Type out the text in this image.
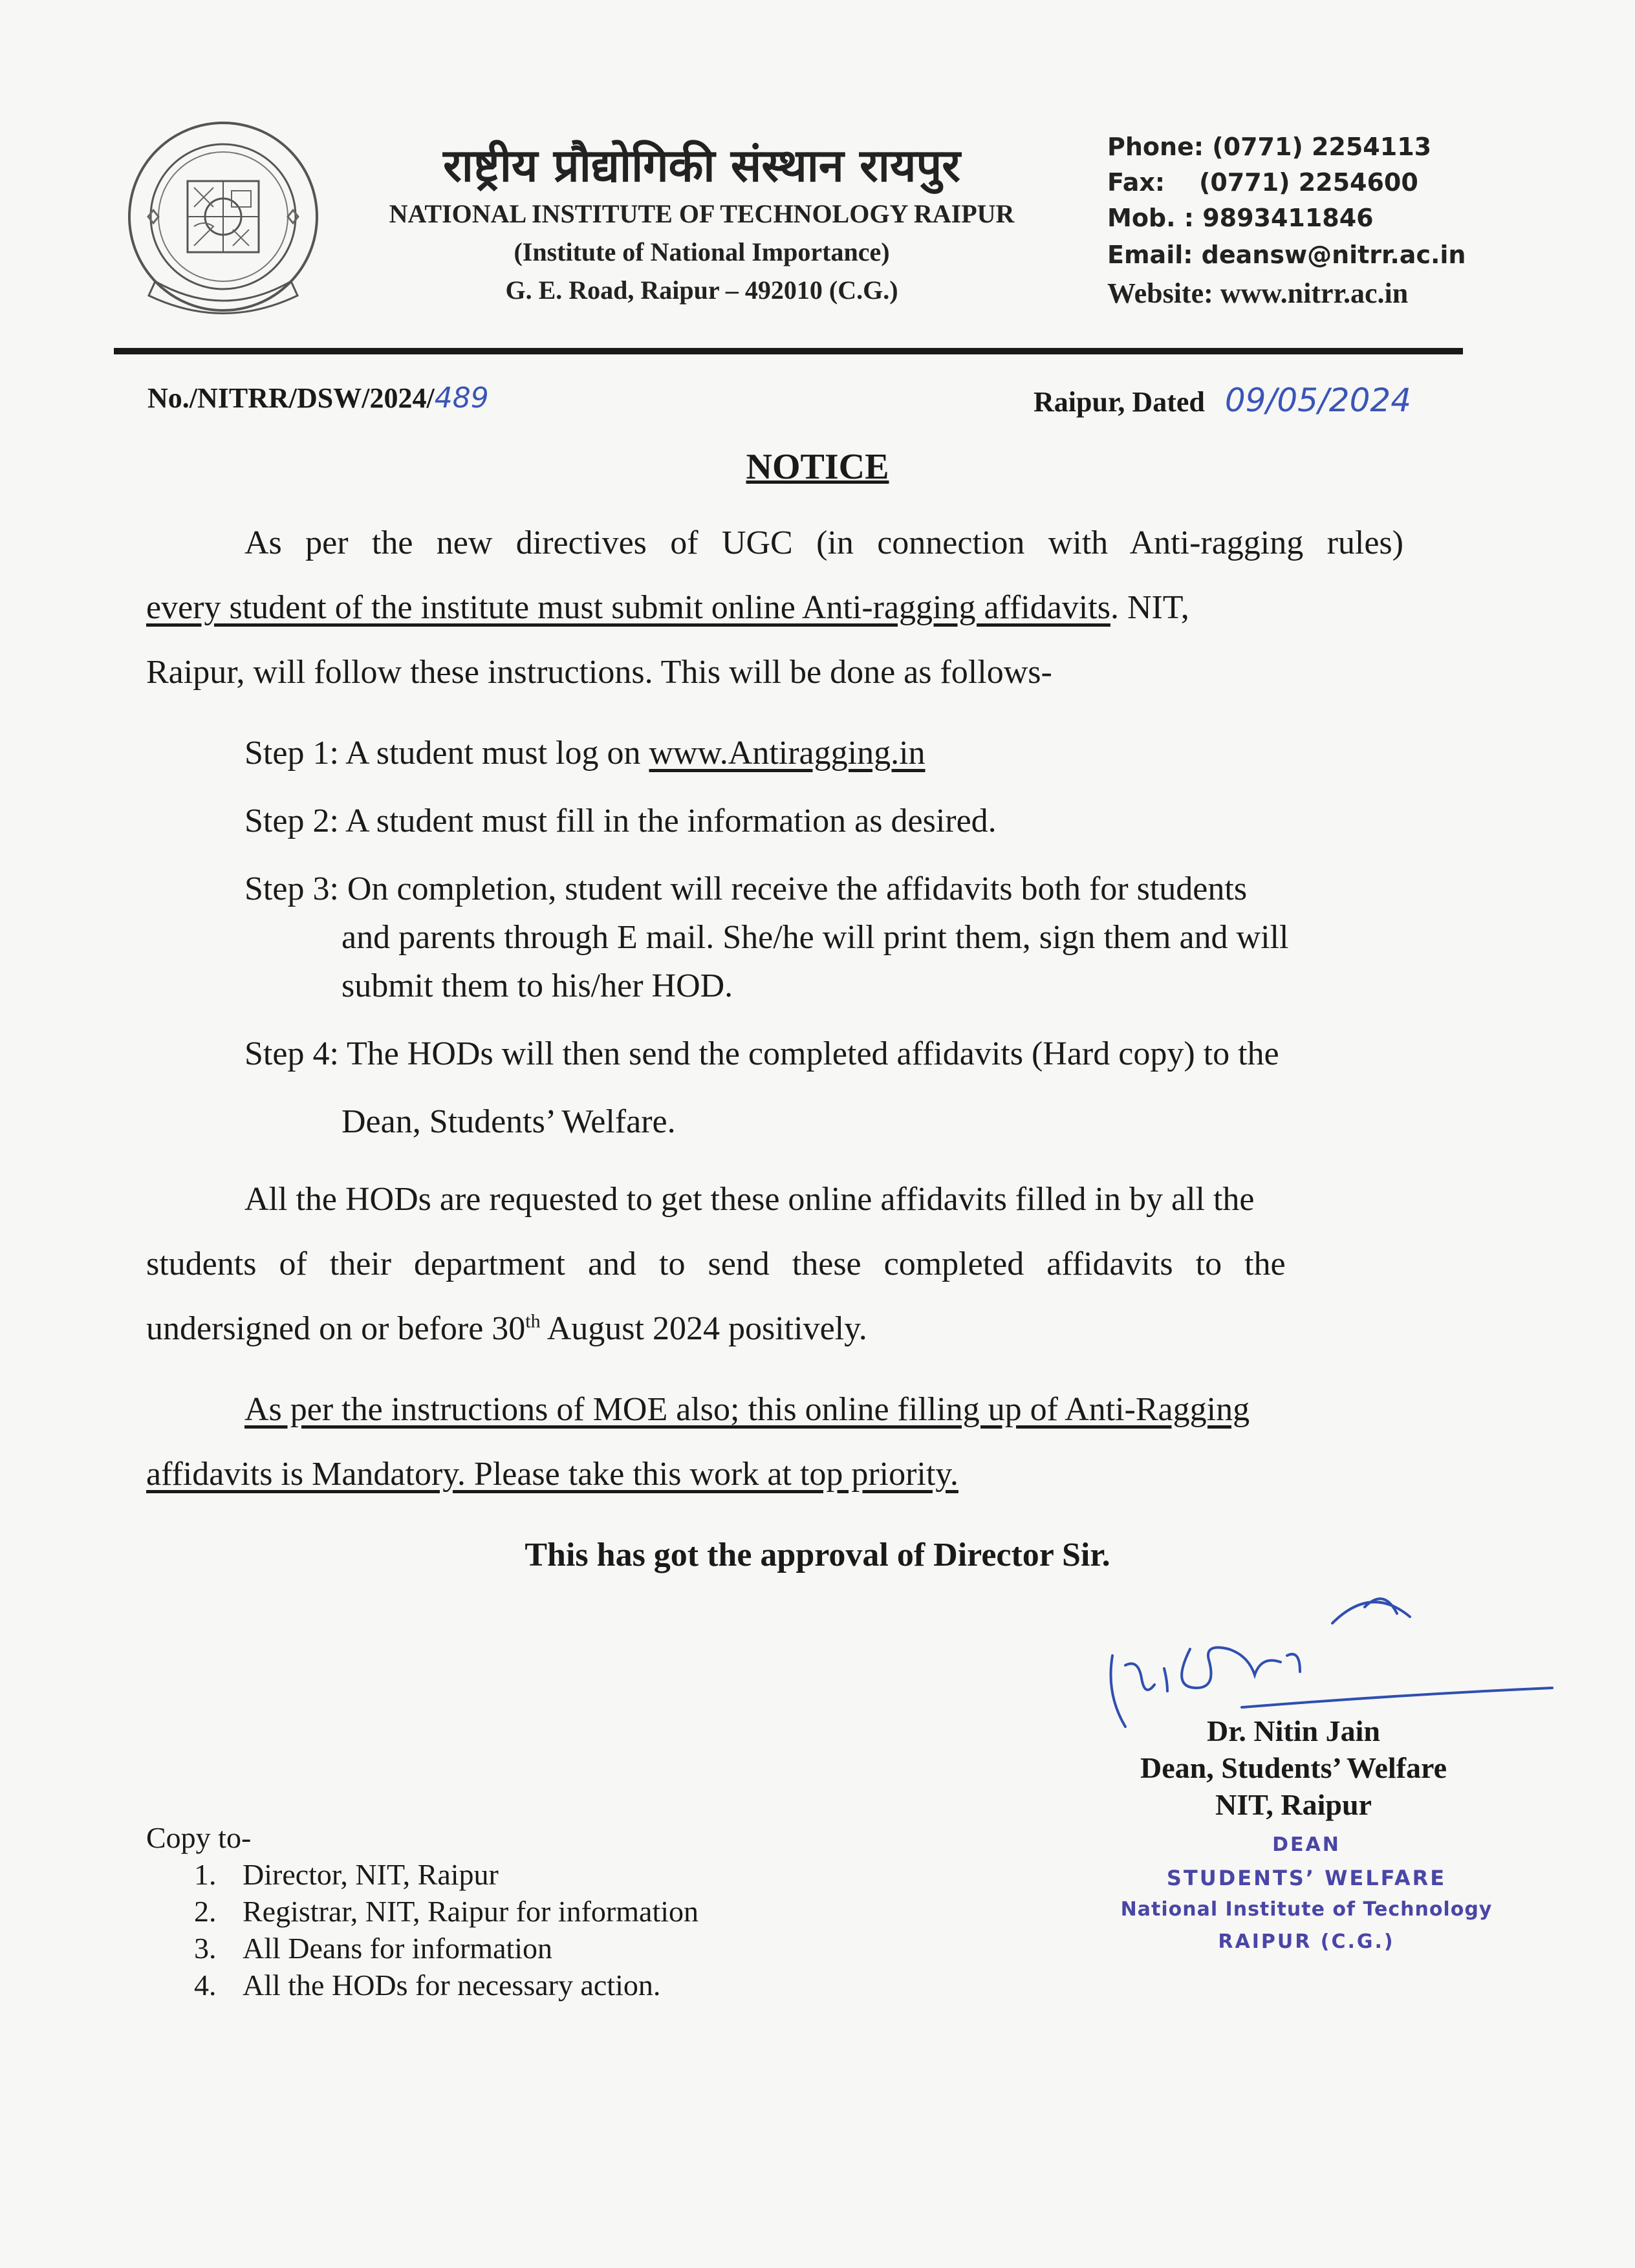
राष्ट्रीय प्रौद्योगिकी संस्थान रायपुर
NATIONAL INSTITUTE OF TECHNOLOGY RAIPUR
(Institute of National Importance)
G. E. Road, Raipur – 492010 (C.G.)
Phone: (0771) 2254113
Fax:    (0771) 2254600
Mob. : 9893411846
Email: deansw@nitrr.ac.in
Website: www.nitrr.ac.in
No./NITRR/DSW/2024/489	Raipur, Dated 09/05/2024
NOTICE
As per the new directives of UGC (in connection with Anti-ragging rules)
every student of the institute must submit online Anti-ragging affidavits. NIT,
Raipur, will follow these instructions. This will be done as follows-
Step 1: A student must log on www.Antiragging.in
Step 2: A student must fill in the information as desired.
Step 3: On completion, student will receive the affidavits both for students
and parents through E mail. She/he will print them, sign them and will
submit them to his/her HOD.
Step 4: The HODs will then send the completed affidavits (Hard copy) to the
Dean, Students’ Welfare.
All the HODs are requested to get these online affidavits filled in by all the
students of their department and to send these completed affidavits to the
undersigned on or before 30th August 2024 positively.
As per the instructions of MOE also; this online filling up of Anti-Ragging
affidavits is Mandatory. Please take this work at top priority.
This has got the approval of Director Sir.
Dr. Nitin Jain
Dean, Students’ Welfare
NIT, Raipur
DEAN
STUDENTS’ WELFARE
National Institute of Technology
RAIPUR (C.G.)
Copy to-
1. Director, NIT, Raipur
2. Registrar, NIT, Raipur for information
3. All Deans for information
4. All the HODs for necessary action.
